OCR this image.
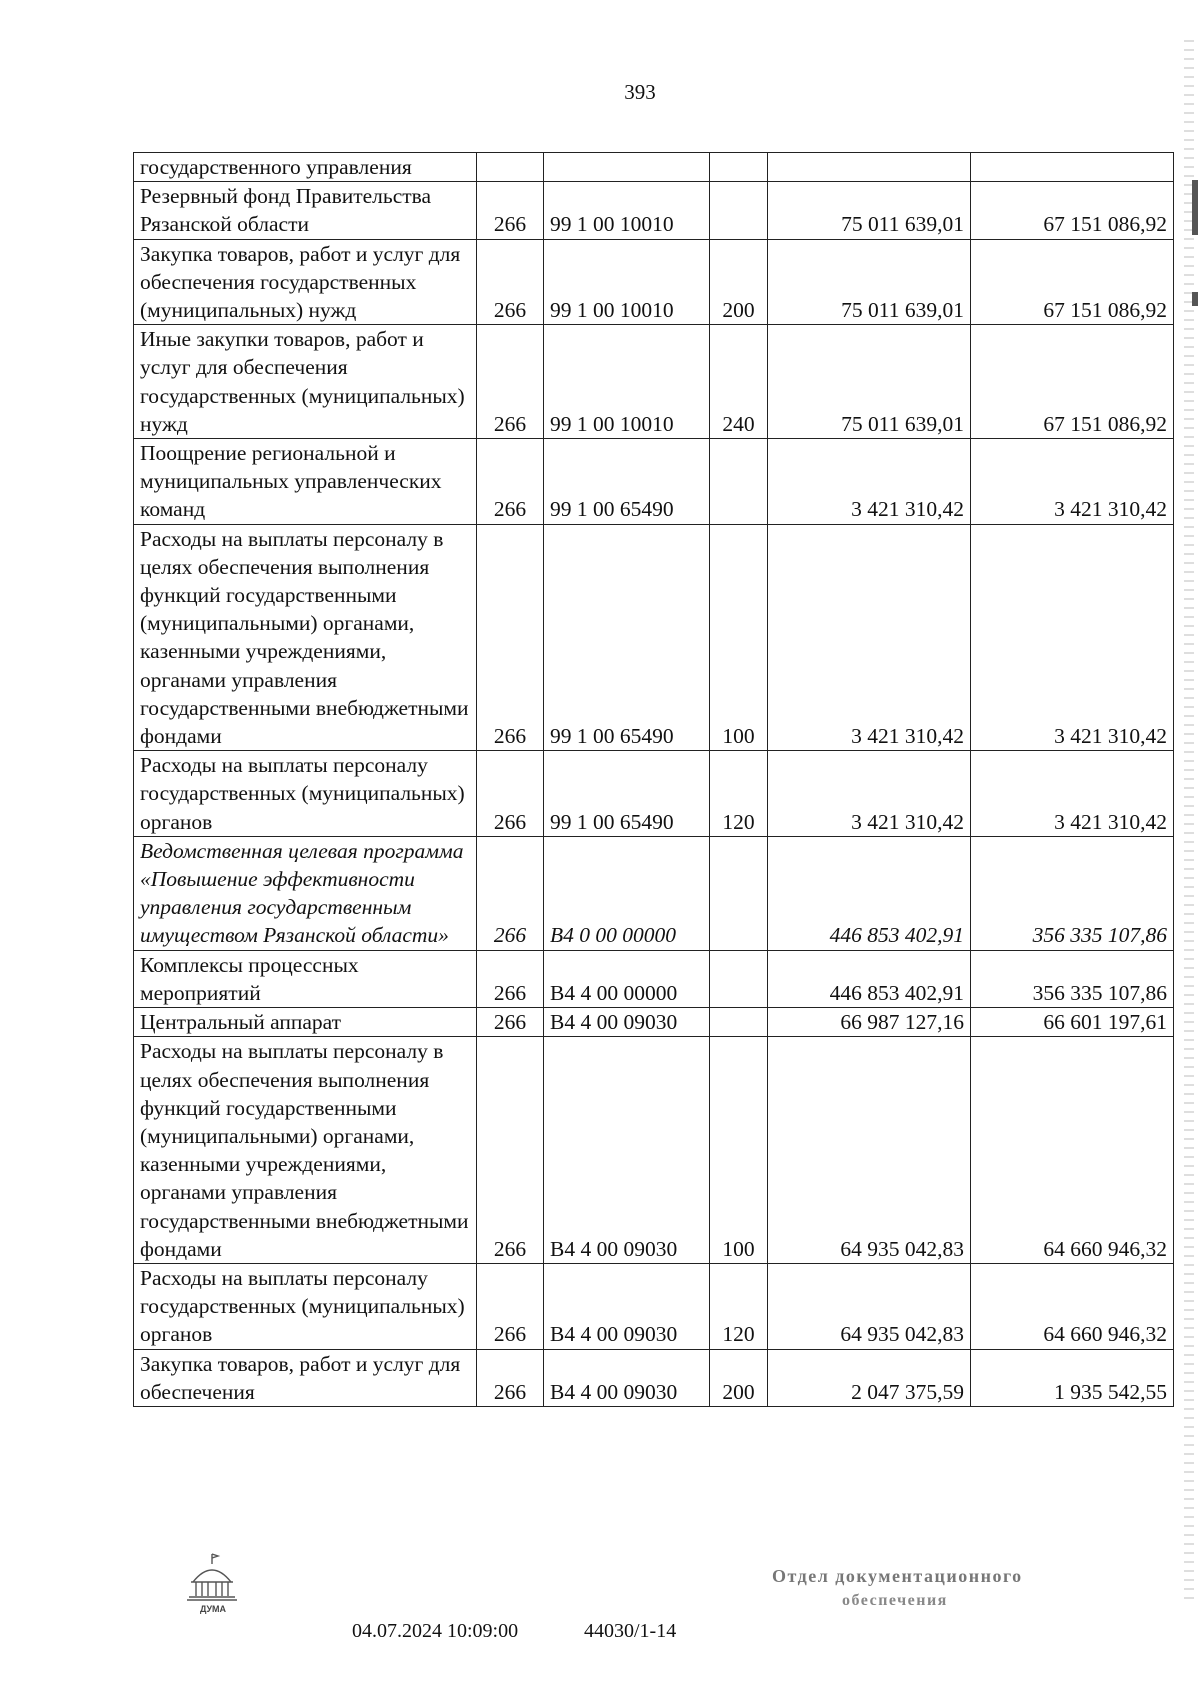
393
государственного управления					
Резервный фонд Правительства Рязанской области	266	99 1 00 10010		75 011 639,01	67 151 086,92
Закупка товаров, работ и услуг для обеспечения государственных (муниципальных) нужд	266	99 1 00 10010	200	75 011 639,01	67 151 086,92
Иные закупки товаров, работ и услуг для обеспечения государственных (муниципальных) нужд	266	99 1 00 10010	240	75 011 639,01	67 151 086,92
Поощрение региональной и муниципальных управленческих команд	266	99 1 00 65490		3 421 310,42	3 421 310,42
Расходы на выплаты персоналу в целях обеспечения выполнения функций государственными (муниципальными) органами, казенными учреждениями, органами управления государственными внебюджетными фондами	266	99 1 00 65490	100	3 421 310,42	3 421 310,42
Расходы на выплаты персоналу государственных (муниципальных) органов	266	99 1 00 65490	120	3 421 310,42	3 421 310,42
Ведомственная целевая программа «Повышение эффективности управления государственным имуществом Рязанской области»	266	В4 0 00 00000		446 853 402,91	356 335 107,86
Комплексы процессных мероприятий	266	В4 4 00 00000		446 853 402,91	356 335 107,86
Центральный аппарат	266	В4 4 00 09030		66 987 127,16	66 601 197,61
Расходы на выплаты персоналу в целях обеспечения выполнения функций государственными (муниципальными) органами, казенными учреждениями, органами управления государственными внебюджетными фондами	266	В4 4 00 09030	100	64 935 042,83	64 660 946,32
Расходы на выплаты персоналу государственных (муниципальных) органов	266	В4 4 00 09030	120	64 935 042,83	64 660 946,32
Закупка товаров, работ и услуг для обеспечения	266	В4 4 00 09030	200	2 047 375,59	1 935 542,55
ДУМА
04.07.2024 10:09:00	44030/1-14
Отдел документационного
обеспечения
